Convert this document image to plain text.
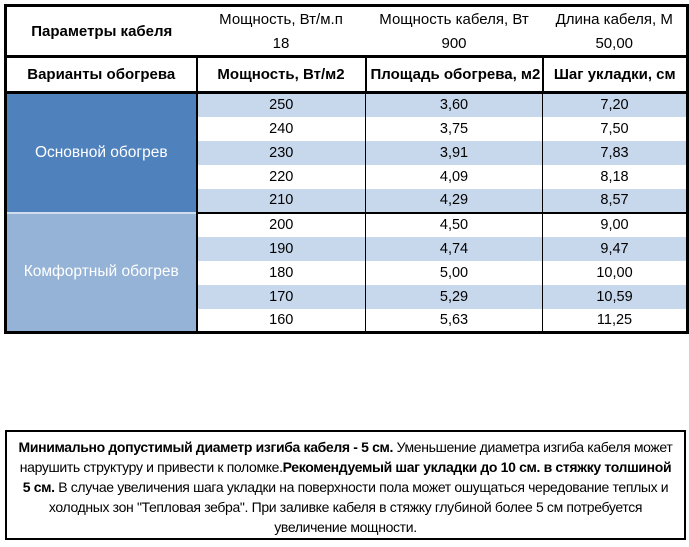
Параметры кабеля	Мощность, Вт/м.п	Мощность кабеля, Вт	Длина кабеля, М
	18	900	50,00
Варианты обогрева	Мощность, Вт/м2	Площадь обогрева, м2	Шаг укладки, см
Основной обогрев	250	3,60	7,20
	240	3,75	7,50
	230	3,91	7,83
	220	4,09	8,18
	210	4,29	8,57
Комфортный обогрев	200	4,50	9,00
	190	4,74	9,47
	180	5,00	10,00
	170	5,29	10,59
	160	5,63	11,25
Минимально допустимый диаметр изгиба кабеля - 5 см. Уменьшение диаметра изгиба кабеля может нарушить структуру и привести к поломке.Рекомендуемый шаг укладки до 10 см. в стяжку толшиной 5 см. В случае увеличения шага укладки на поверхности пола может ошущаться чередование теплых и холодных зон "Тепловая зебра". При заливке кабеля в стяжку глубиной более 5 см потребуется увеличение мощности.
